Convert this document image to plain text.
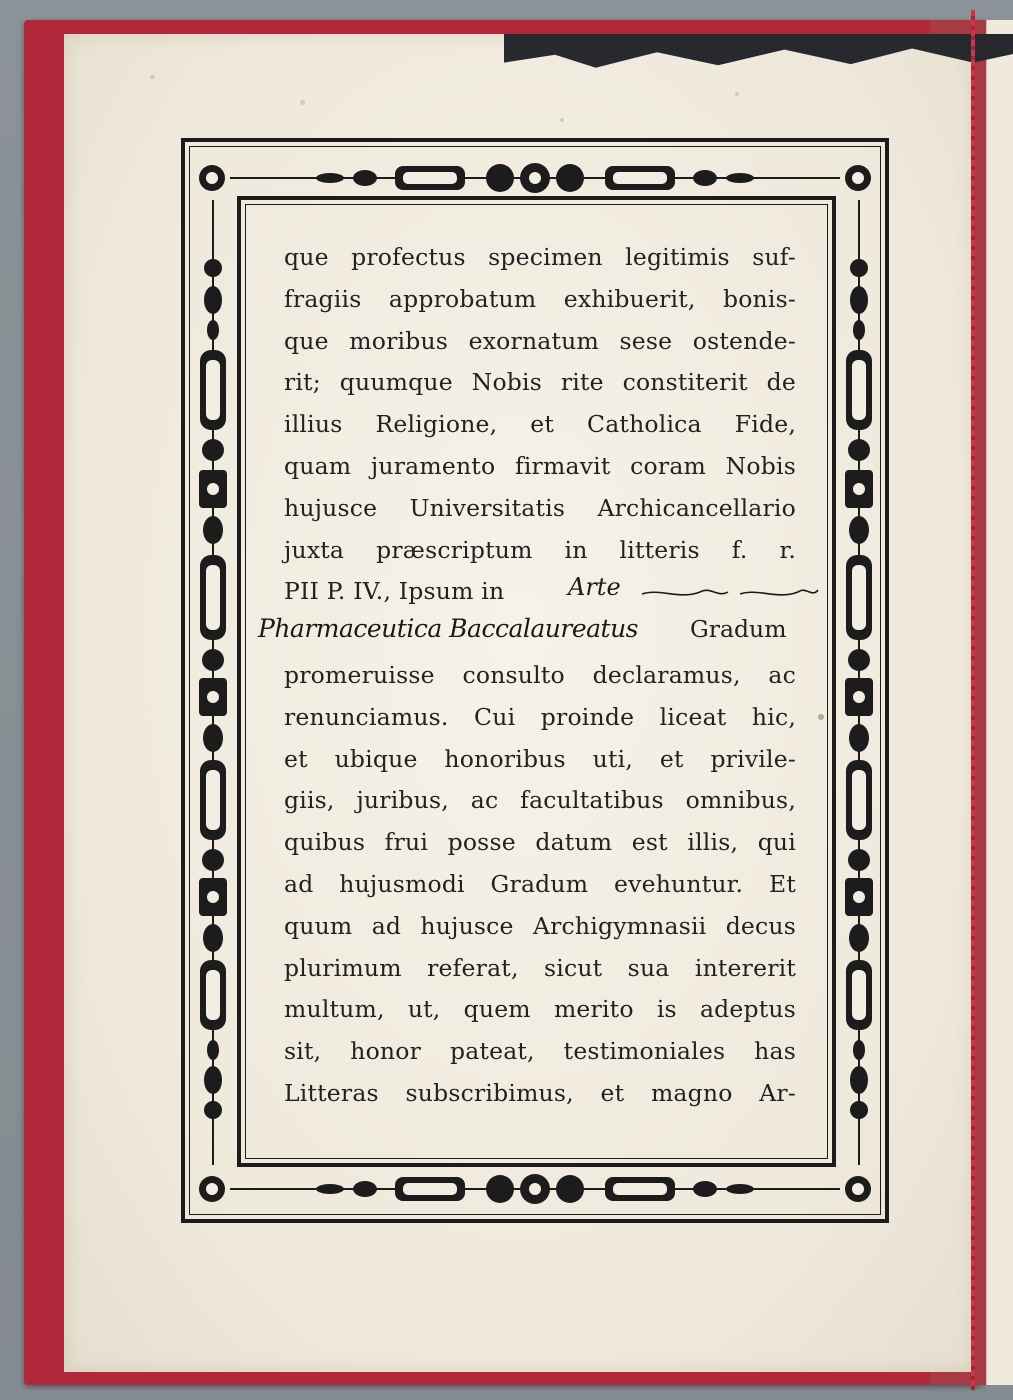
que profectus specimen legitimis suf-
fragiis approbatum exhibuerit, bonis-
que moribus exornatum sese ostende-
rit; quumque Nobis rite constiterit de
illius Religione, et Catholica Fide,
quam juramento firmavit coram Nobis
hujusce Universitatis Archicancellario
juxta præscriptum in litteris f. r.
PII P. IV., Ipsum in
promeruisse consulto declaramus, ac
renunciamus. Cui proinde liceat hic,
et ubique honoribus uti, et privile-
giis, juribus, ac facultatibus omnibus,
quibus frui posse datum est illis, qui
ad hujusmodi Gradum evehuntur. Et
quum ad hujusce Archigymnasii decus
plurimum referat, sicut sua intererit
multum, ut, quem merito is adeptus
sit, honor pateat, testimoniales has
Litteras subscribimus, et magno Ar-
Arte
Pharmaceutica Baccalaureatus Gradum
